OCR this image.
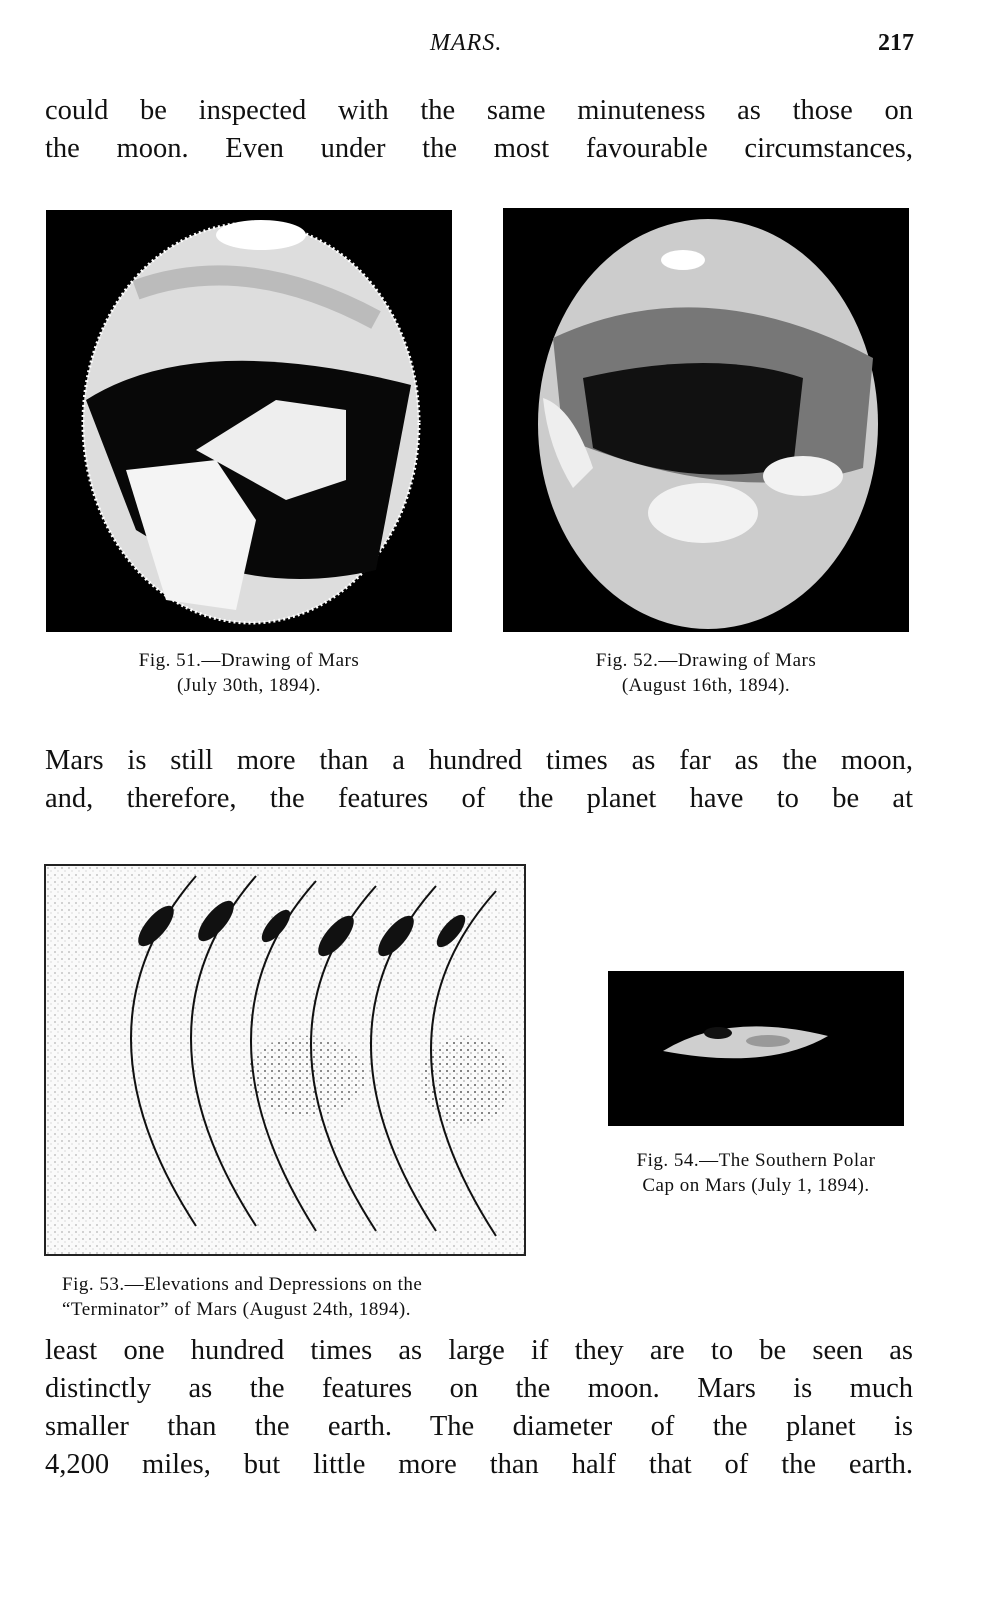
MARS.	217
could be inspected with the same minuteness as those on
the moon. Even under the most favourable circumstances,
Fig. 51.—Drawing of Mars
(July 30th, 1894).
Fig. 52.—Drawing of Mars
(August 16th, 1894).
Mars is still more than a hundred times as far as the moon,
and, therefore, the features of the planet have to be at
Fig. 53.—Elevations and Depressions on the
“Terminator” of Mars (August 24th, 1894).
Fig. 54.—The Southern Polar
Cap on Mars (July 1, 1894).
least one hundred times as large if they are to be seen as
distinctly as the features on the moon. Mars is much
smaller than the earth. The diameter of the planet is
4,200 miles, but little more than half that of the earth.
